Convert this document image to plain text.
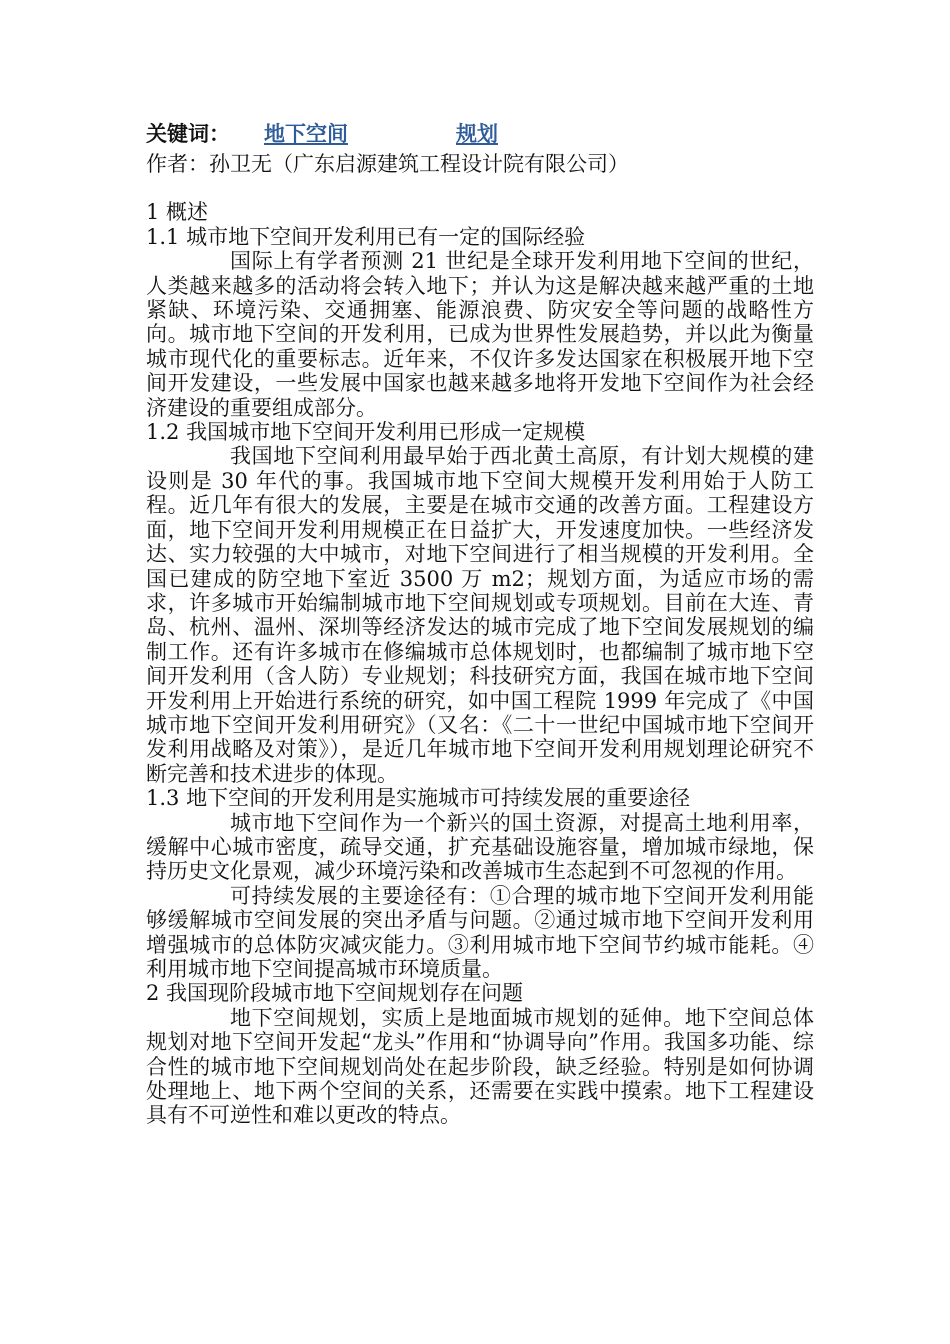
关键词：	地下空间	规划
作者：孙卫无（广东启源建筑工程设计院有限公司）
1 概述
1.1 城市地下空间开发利用已有一定的国际经验

国际上有学者预测 21 世纪是全球开发利用地下空间的世纪，人类越来越多的活动将会转入地下；并认为这是解决越来越严重的土地紧缺、环境污染、交通拥塞、能源浪费、防灾安全等问题的战略性方向。城市地下空间的开发利用，已成为世界性发展趋势，并以此为衡量城市现代化的重要标志。近年来，不仅许多发达国家在积极展开地下空间开发建设，一些发展中国家也越来越多地将开发地下空间作为社会经济建设的重要组成部分。

1.2 我国城市地下空间开发利用已形成一定规模

我国地下空间利用最早始于西北黄土高原，有计划大规模的建设则是 30 年代的事。我国城市地下空间大规模开发利用始于人防工程。近几年有很大的发展，主要是在城市交通的改善方面。工程建设方面，地下空间开发利用规模正在日益扩大，开发速度加快。一些经济发达、实力较强的大中城市，对地下空间进行了相当规模的开发利用。全国已建成的防空地下室近 3500 万 m2；规划方面，为适应市场的需求，许多城市开始编制城市地下空间规划或专项规划。目前在大连、青岛、杭州、温州、深圳等经济发达的城市完成了地下空间发展规划的编制工作。还有许多城市在修编城市总体规划时，也都编制了城市地下空间开发利用（含人防）专业规划；科技研究方面，我国在城市地下空间开发利用上开始进行系统的研究，如中国工程院 1999 年完成了《中国城市地下空间开发利用研究》（又名：《二十一世纪中国城市地下空间开发利用战略及对策》），是近几年城市地下空间开发利用规划理论研究不断完善和技术进步的体现。

1.3 地下空间的开发利用是实施城市可持续发展的重要途径

城市地下空间作为一个新兴的国土资源，对提高土地利用率，缓解中心城市密度，疏导交通，扩充基础设施容量，增加城市绿地，保持历史文化景观，减少环境污染和改善城市生态起到不可忽视的作用。

可持续发展的主要途径有：①合理的城市地下空间开发利用能够缓解城市空间发展的突出矛盾与问题。②通过城市地下空间开发利用增强城市的总体防灾减灾能力。③利用城市地下空间节约城市能耗。④利用城市地下空间提高城市环境质量。

2 我国现阶段城市地下空间规划存在问题

地下空间规划，实质上是地面城市规划的延伸。地下空间总体规划对地下空间开发起“龙头”作用和“协调导向”作用。我国多功能、综合性的城市地下空间规划尚处在起步阶段，缺乏经验。特别是如何协调处理地上、地下两个空间的关系，还需要在实践中摸索。地下工程建设具有不可逆性和难以更改的特点。
